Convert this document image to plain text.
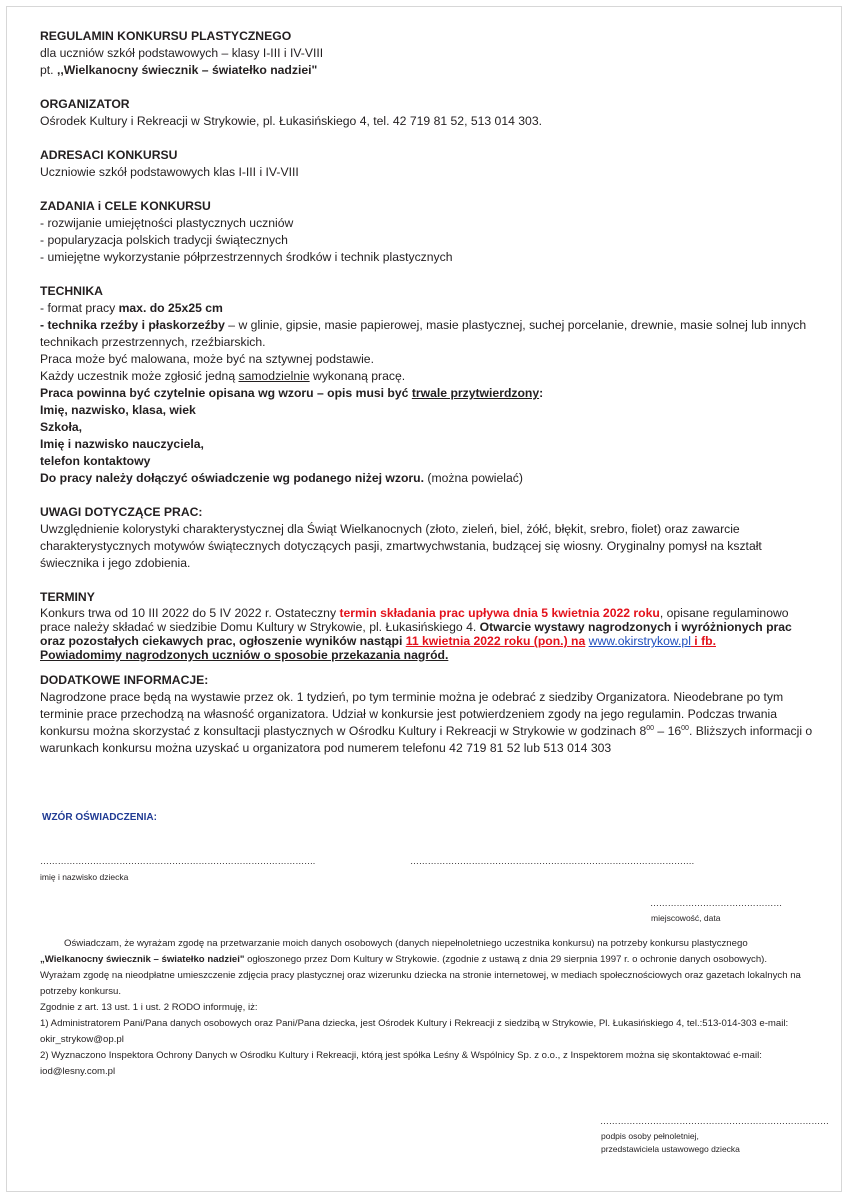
REGULAMIN KONKURSU PLASTYCZNEGO

dla uczniów szkół podstawowych – klasy I-III i IV-VIII

pt. ,,Wielkanocny świecznik – światełko nadziei"

ORGANIZATOR

Ośrodek Kultury i Rekreacji w Strykowie, pl. Łukasińskiego 4, tel. 42 719 81 52, 513 014 303.

ADRESACI KONKURSU

Uczniowie szkół podstawowych klas I-III i IV-VIII

ZADANIA i CELE KONKURSU

- rozwijanie umiejętności plastycznych uczniów

- popularyzacja polskich tradycji świątecznych

- umiejętne wykorzystanie półprzestrzennych środków i technik plastycznych

TECHNIKA

- format pracy max. do 25x25 cm

- technika rzeźby i płaskorzeźby – w glinie, gipsie, masie papierowej, masie plastycznej, suchej porcelanie, drewnie, masie solnej lub innych technikach przestrzennych, rzeźbiarskich.

Praca może być malowana, może być na sztywnej podstawie.

Każdy uczestnik może zgłosić jedną samodzielnie wykonaną pracę.

Praca powinna być czytelnie opisana wg wzoru – opis musi być trwale przytwierdzony:

Imię, nazwisko, klasa, wiek

Szkoła,

Imię i nazwisko nauczyciela,

telefon kontaktowy

Do pracy należy dołączyć oświadczenie wg podanego niżej wzoru. (można powielać)

UWAGI DOTYCZĄCE PRAC:

Uwzględnienie kolorystyki charakterystycznej dla Świąt Wielkanocnych (złoto, zieleń, biel, żółć, błękit, srebro, fiolet) oraz zawarcie charakterystycznych motywów świątecznych dotyczących pasji, zmartwychwstania, budzącej się wiosny. Oryginalny pomysł na kształt świecznika i jego zdobienia.

TERMINY

Konkurs trwa od 10 III 2022 do 5 IV 2022 r. Ostateczny termin składania prac upływa dnia 5 kwietnia 2022 roku, opisane regulaminowo prace należy składać w siedzibie Domu Kultury w Strykowie, pl. Łukasińskiego 4. Otwarcie wystawy nagrodzonych i wyróżnionych prac oraz pozostałych ciekawych prac, ogłoszenie wyników nastąpi 11 kwietnia 2022 roku (pon.) na www.okirstrykow.pl i fb.
Powiadomimy nagrodzonych uczniów o sposobie przekazania nagród.

DODATKOWE INFORMACJE:

Nagrodzone prace będą na wystawie przez ok. 1 tydzień, po tym terminie można je odebrać z siedziby Organizatora. Nieodebrane po tym terminie prace przechodzą na własność organizatora. Udział w konkursie jest potwierdzeniem zgody na jego regulamin. Podczas trwania konkursu można skorzystać z konsultacji plastycznych w Ośrodku Kultury i Rekreacji w Strykowie w godzinach $8^{00} - 16^{00}$. Bliższych informacji o warunkach konkursu można uzyskać u organizatora pod numerem telefonu 42 719 81 52 lub 513 014 303

WZÓR OŚWIADCZENIA:
………………………………………………………………………………….	…………………………………………………………………………………….
imię i nazwisko dziecka
………………………………………
miejscowość, data
Oświadczam, że wyrażam zgodę na przetwarzanie moich danych osobowych (danych niepełnoletniego uczestnika konkursu) na potrzeby konkursu plastycznego „Wielkanocny świecznik – światełko nadziei" ogłoszonego przez Dom Kultury w Strykowie. (zgodnie z ustawą z dnia 29 sierpnia 1997 r. o ochronie danych osobowych). Wyrażam zgodę na nieodpłatne umieszczenie zdjęcia pracy plastycznej oraz wizerunku dziecka na stronie internetowej, w mediach społecznościowych oraz gazetach lokalnych na potrzeby konkursu.
Zgodnie z art. 13 ust. 1 i ust. 2 RODO informuję, iż:
1) Administratorem Pani/Pana danych osobowych oraz Pani/Pana dziecka, jest Ośrodek Kultury i Rekreacji z siedzibą w Strykowie, Pl. Łukasińskiego 4, tel.:513-014-303 e-mail: okir_strykow@op.pl
2) Wyznaczono Inspektora Ochrony Danych w Ośrodku Kultury i Rekreacji, którą jest spółka Leśny & Wspólnicy Sp. z o.o., z Inspektorem można się skontaktować e-mail: iod@lesny.com.pl
……………………………………………………………………
podpis osoby pełnoletniej,
przedstawiciela ustawowego dziecka
